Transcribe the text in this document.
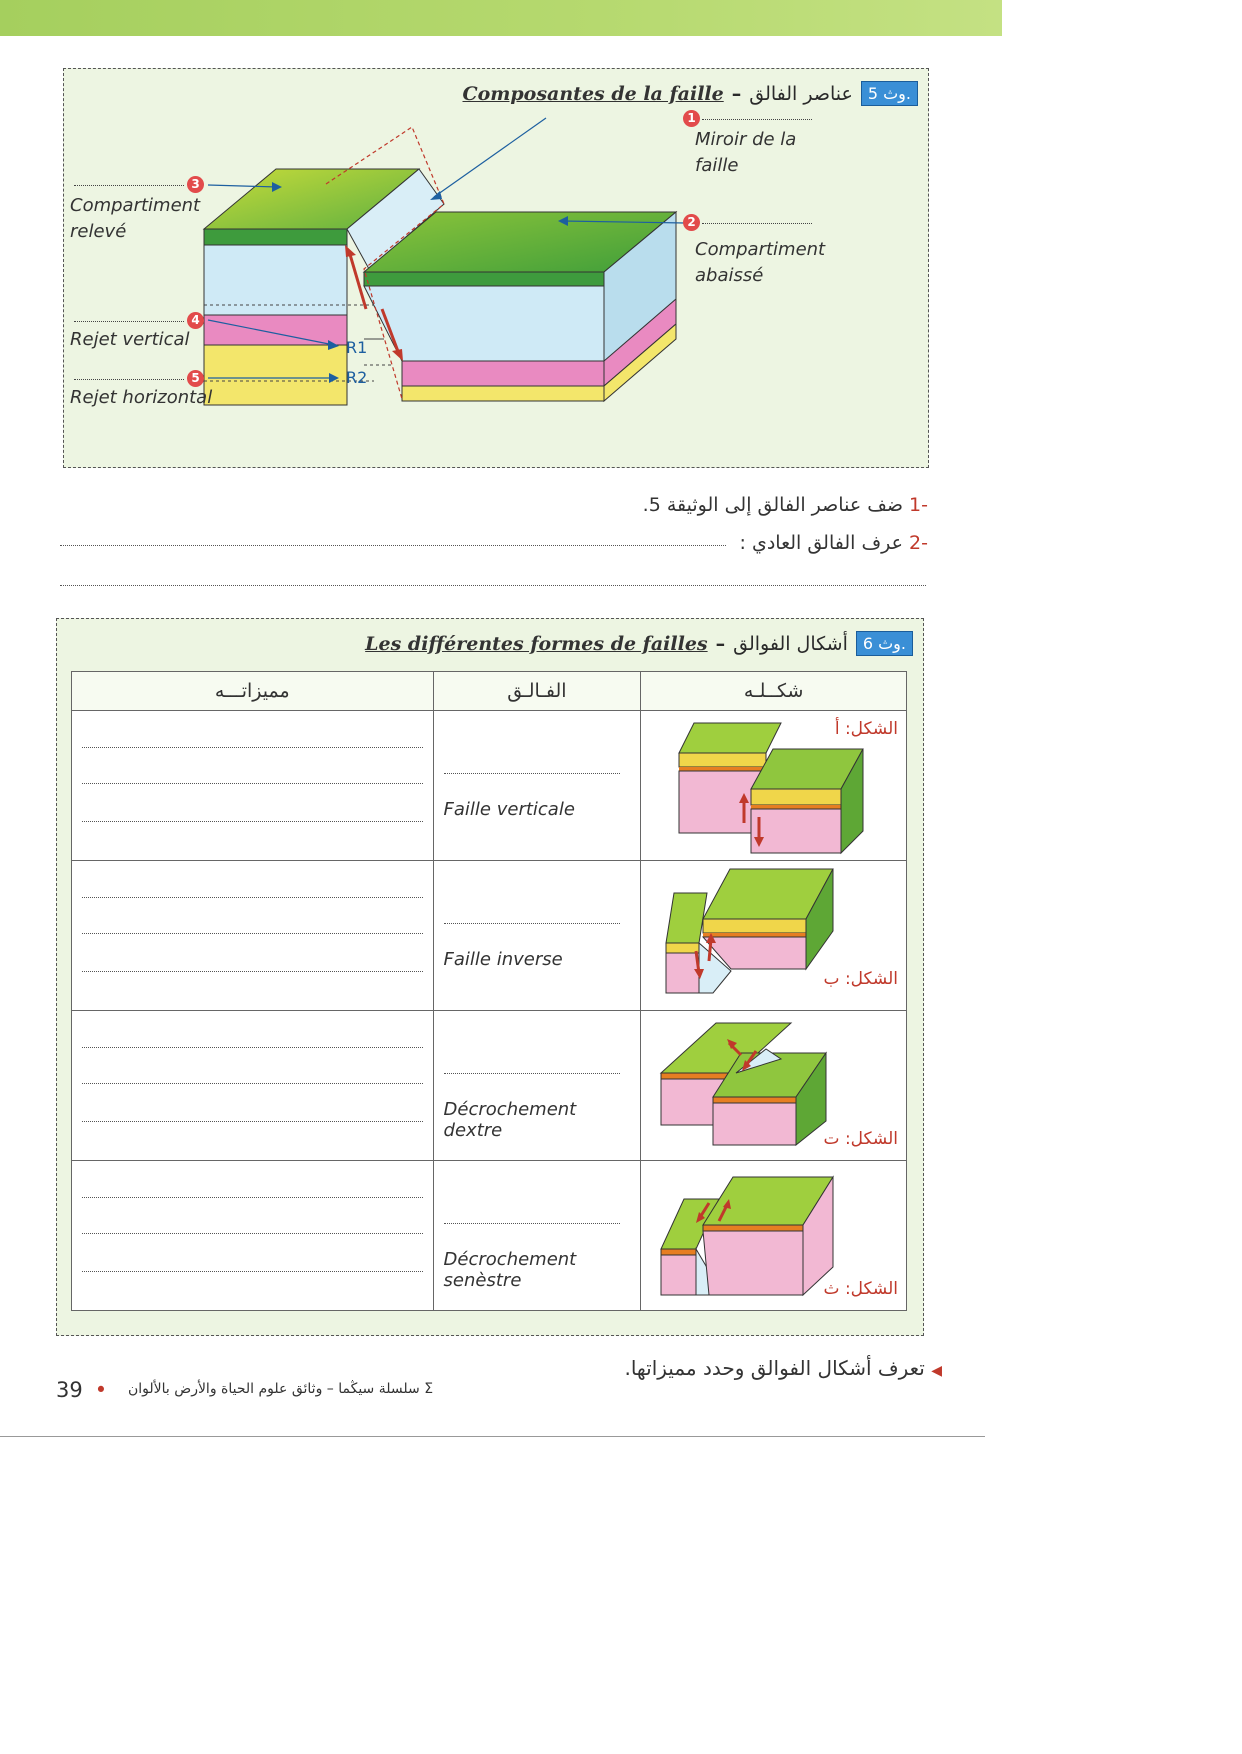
Composantes de la faille – عناصر الفالق وث 5.
R1
R2
1
Miroir de la
faille
2
Compartiment
abaissé
3
Compartiment
relevé
4
Rejet vertical
5
Rejet horizontal
-1 ضف عناصر الفالق إلى الوثيقة 5.
-2 عرف الفالق العادي :
Les différentes formes de failles – أشكال الفوالق وث 6.
مميزاتـــه	الفـالـق	شكــلـه

	Faille verticale	الشكل: أ

	Faille inverse	الشكل: ب

	Décrochement dextre	الشكل: ت

	Décrochement senèstre	الشكل: ث
◀ تعرف أشكال الفوالق وحدد مميزاتها.
39 • Σ سلسلة سيڭما – وثائق علوم الحياة والأرض بالألوان
